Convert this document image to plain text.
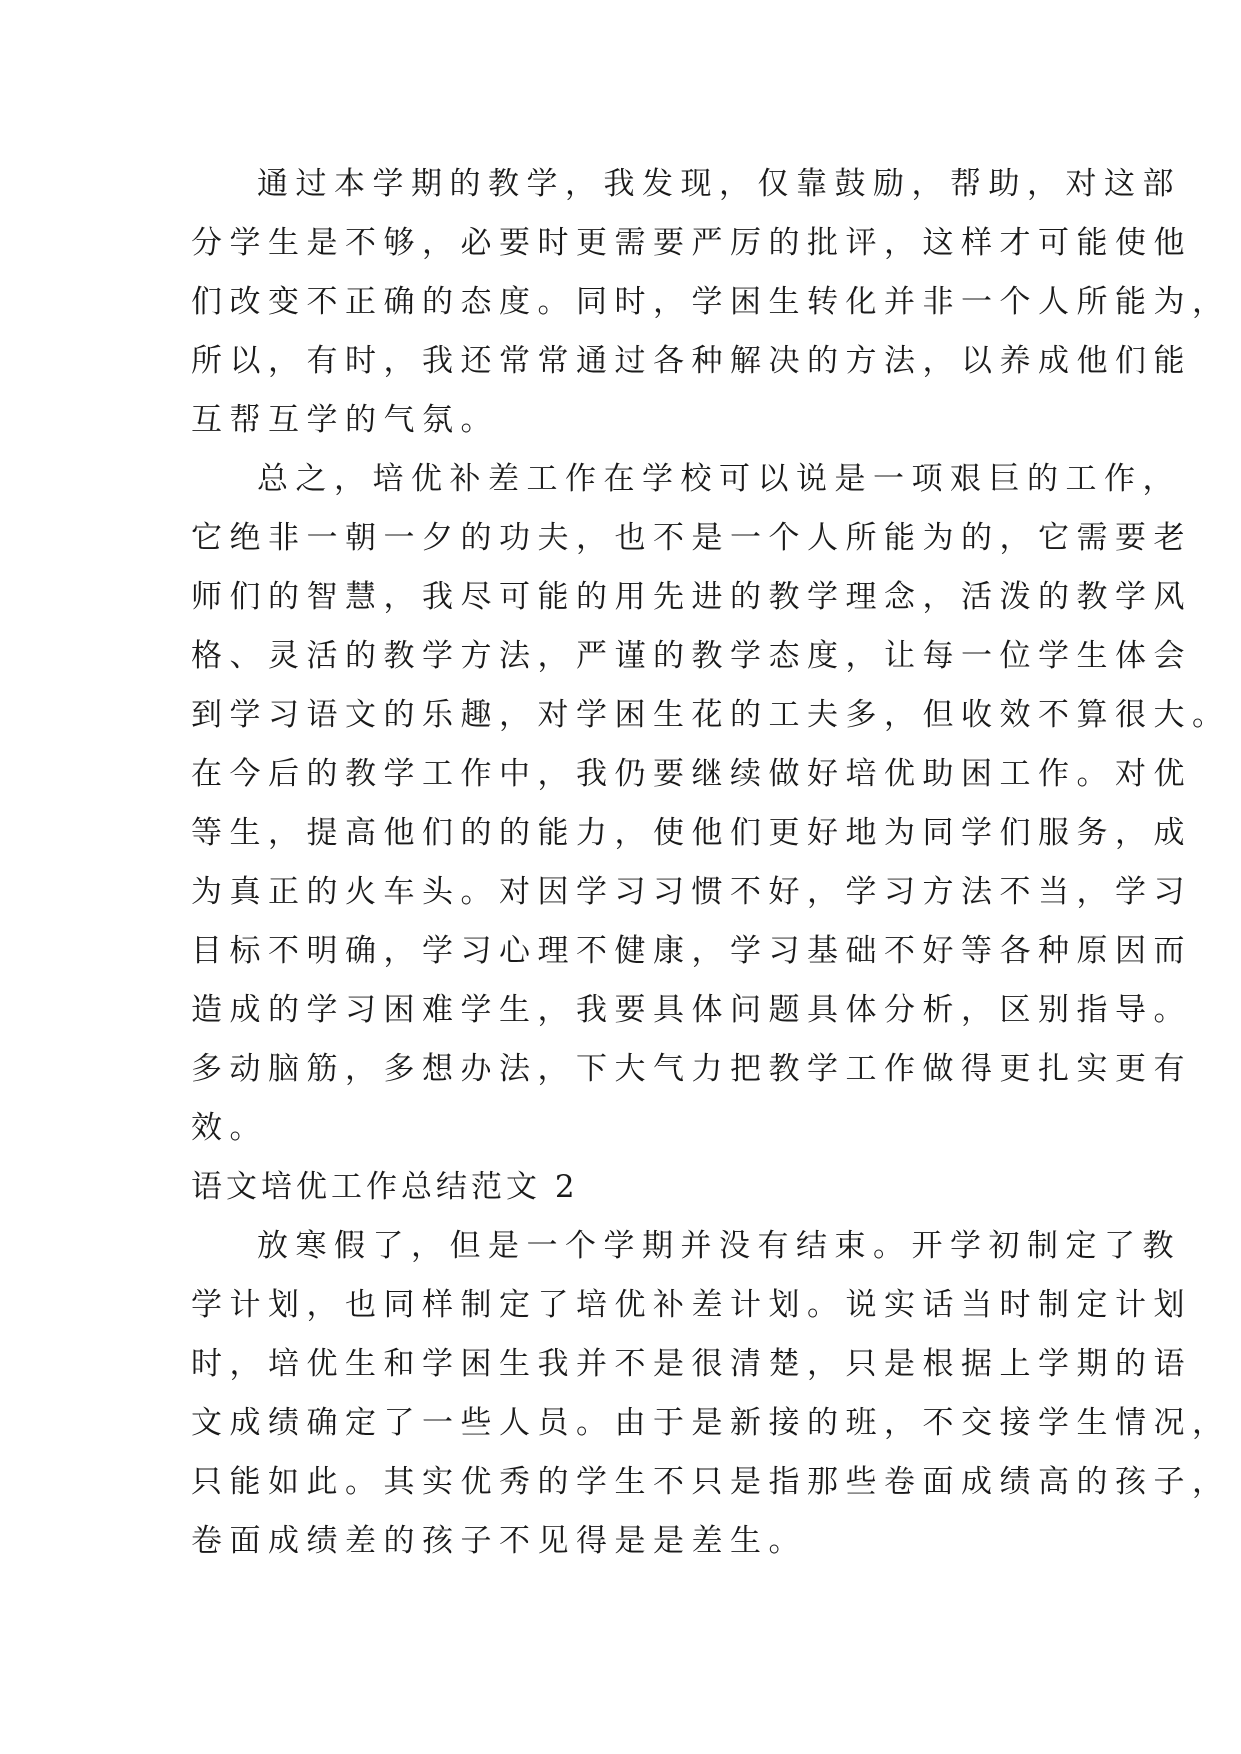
通过本学期的教学，我发现，仅靠鼓励，帮助，对这部
分学生是不够，必要时更需要严厉的批评，这样才可能使他
们改变不正确的态度。同时，学困生转化并非一个人所能为，
所以，有时，我还常常通过各种解决的方法，以养成他们能
互帮互学的气氛。
总之，培优补差工作在学校可以说是一项艰巨的工作，
它绝非一朝一夕的功夫，也不是一个人所能为的，它需要老
师们的智慧，我尽可能的用先进的教学理念，活泼的教学风
格、灵活的教学方法，严谨的教学态度，让每一位学生体会
到学习语文的乐趣，对学困生花的工夫多，但收效不算很大。
在今后的教学工作中，我仍要继续做好培优助困工作。对优
等生，提高他们的的能力，使他们更好地为同学们服务，成
为真正的火车头。对因学习习惯不好，学习方法不当，学习
目标不明确，学习心理不健康，学习基础不好等各种原因而
造成的学习困难学生，我要具体问题具体分析，区别指导。
多动脑筋，多想办法，下大气力把教学工作做得更扎实更有
效。
语文培优工作总结范文 2
放寒假了，但是一个学期并没有结束。开学初制定了教
学计划，也同样制定了培优补差计划。说实话当时制定计划
时，培优生和学困生我并不是很清楚，只是根据上学期的语
文成绩确定了一些人员。由于是新接的班，不交接学生情况，
只能如此。其实优秀的学生不只是指那些卷面成绩高的孩子，
卷面成绩差的孩子不见得是是差生。
